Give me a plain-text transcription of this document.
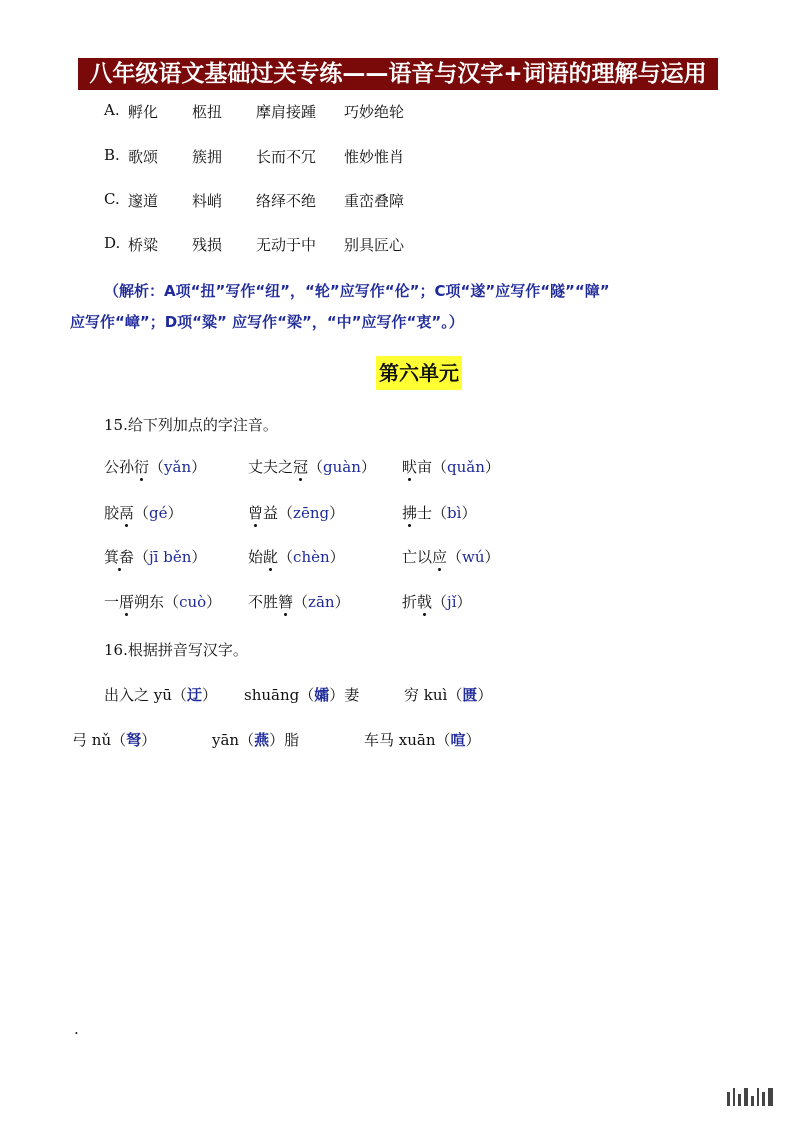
八年级语文基础过关专练——语音与汉字+词语的理解与运用
A. 孵化 柩扭 摩肩接踵 巧妙绝轮
B. 歌颂 簇拥 长而不冗 惟妙惟肖
C. 邃道 料峭 络绎不绝 重峦叠障
D. 桥粱 残损 无动于中 别具匠心
（解析：A项“扭”写作“纽”，“轮”应写作“伦”；C项“遂”应写作“隧”“障”
应写作“嶂”；D项“粱” 应写作“梁”，“中”应写作“衷”。）
第六单元
15.给下列加点的字注音。
公孙衍（yǎn）	丈夫之冠（guàn） 畎亩（quǎn）
胶鬲（gé）	曾益（zēng）	拂士（bì）
箕畚（jī běn）	始龀（chèn）	亡以应（wú）
一厝朔东（cuò） 不胜簪（zān）	折戟（jǐ）
16.根据拼音写汉字。
出入之 yū（迂） shuāng（孀）妻	穷 kuì（匮）
弓 nǔ（弩）	yān（燕）脂	车马 xuān（喧）
.
